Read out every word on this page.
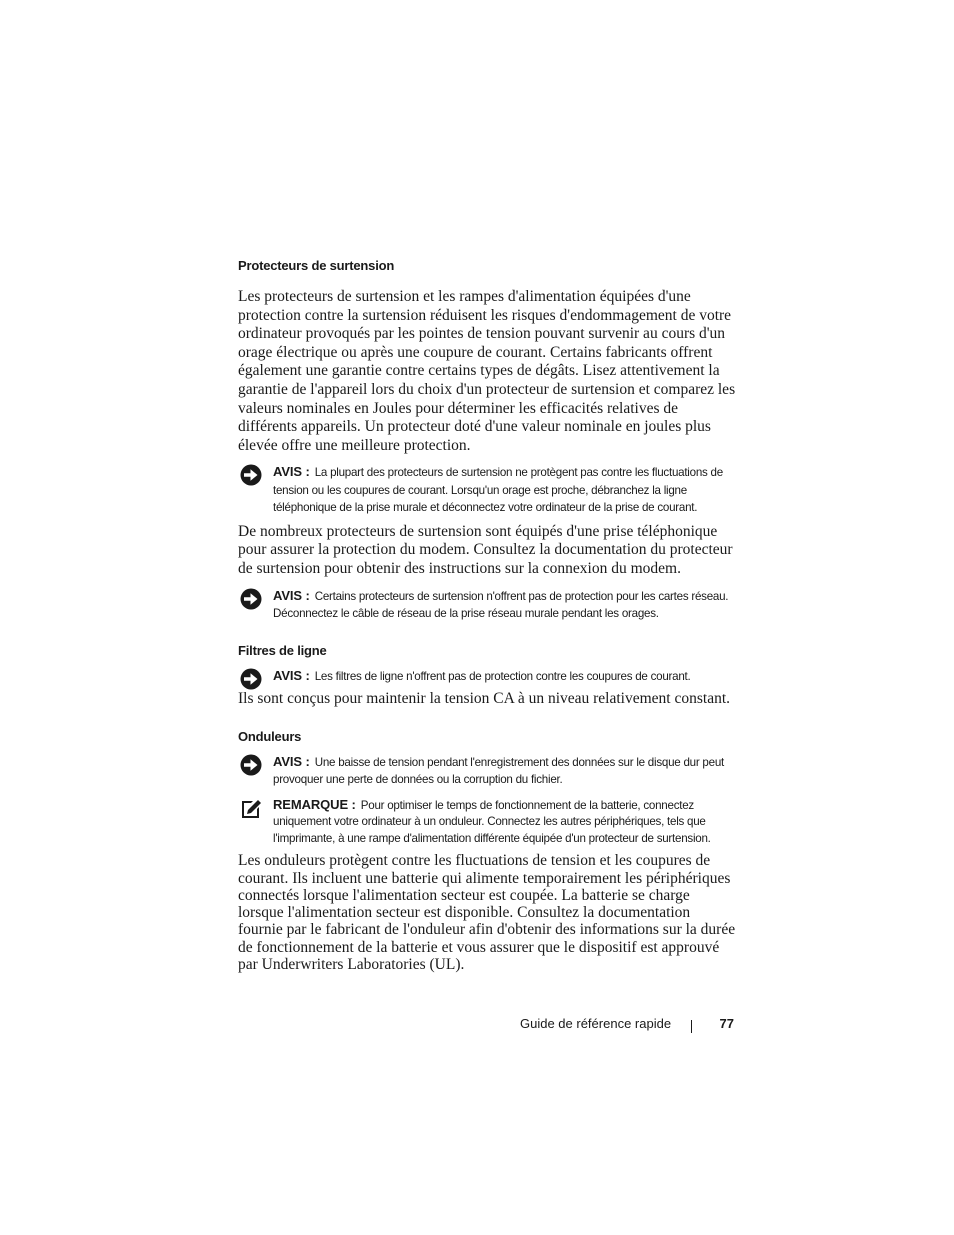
Protecteurs de surtension

Les protecteurs de surtension et les rampes d'alimentation équipées d'une protection contre la surtension réduisent les risques d'endommagement de votre ordinateur provoqués par les pointes de tension pouvant survenir au cours d'un orage électrique ou après une coupure de courant. Certains fabricants offrent également une garantie contre certains types de dégâts. Lisez attentivement la garantie de l'appareil lors du choix d'un protecteur de surtension et comparez les valeurs nominales en Joules pour déterminer les efficacités relatives de différents appareils. Un protecteur doté d'une valeur nominale en joules plus élevée offre une meilleure protection.

AVIS : La plupart des protecteurs de surtension ne protègent pas contre les fluctuations de tension ou les coupures de courant. Lorsqu'un orage est proche, débranchez la ligne téléphonique de la prise murale et déconnectez votre ordinateur de la prise de courant.

De nombreux protecteurs de surtension sont équipés d'une prise téléphonique pour assurer la protection du modem. Consultez la documentation du protecteur de surtension pour obtenir des instructions sur la connexion du modem.

AVIS : Certains protecteurs de surtension n'offrent pas de protection pour les cartes réseau. Déconnectez le câble de réseau de la prise réseau murale pendant les orages.
Filtres de ligne
AVIS : Les filtres de ligne n'offrent pas de protection contre les coupures de courant.

Ils sont conçus pour maintenir la tension CA à un niveau relativement constant.

Onduleurs
AVIS : Une baisse de tension pendant l'enregistrement des données sur le disque dur peut provoquer une perte de données ou la corruption du fichier.
REMARQUE : Pour optimiser le temps de fonctionnement de la batterie, connectez uniquement votre ordinateur à un onduleur. Connectez les autres périphériques, tels que l'imprimante, à une rampe d'alimentation différente équipée d'un protecteur de surtension.

Les onduleurs protègent contre les fluctuations de tension et les coupures de courant. Ils incluent une batterie qui alimente temporairement les périphériques connectés lorsque l'alimentation secteur est coupée. La batterie se charge lorsque l'alimentation secteur est disponible. Consultez la documentation fournie par le fabricant de l'onduleur afin d'obtenir des informations sur la durée de fonctionnement de la batterie et vous assurer que le dispositif est approuvé par Underwriters Laboratories (UL).

Guide de référence rapide	77
